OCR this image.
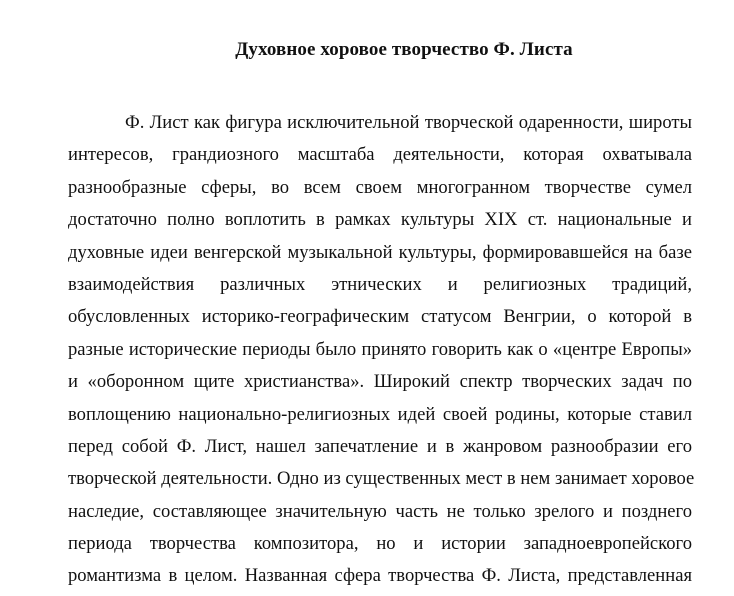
Духовное хоровое творчество Ф. Листа
Ф. Лист как фигура исключительной творческой одаренности, широты
интересов, грандиозного масштаба деятельности, которая охватывала
разнообразные сферы, во всем своем многогранном творчестве сумел
достаточно полно воплотить в рамках культуры XIX ст. национальные и
духовные идеи венгерской музыкальной культуры, формировавшейся на базе
взаимодействия различных этнических и религиозных традиций,
обусловленных историко-географическим статусом Венгрии, о которой в
разные исторические периоды было принято говорить как о «центре Европы»
и «оборонном щите христианства». Широкий спектр творческих задач по
воплощению национально-религиозных идей своей родины, которые ставил
перед собой Ф. Лист, нашел запечатление и в жанровом разнообразии его
творческой деятельности. Одно из существенных мест в нем занимает хоровое
наследие, составляющее значительную часть не только зрелого и позднего
периода творчества композитора, но и истории западноевропейского
романтизма в целом. Названная сфера творчества Ф. Листа, представленная
